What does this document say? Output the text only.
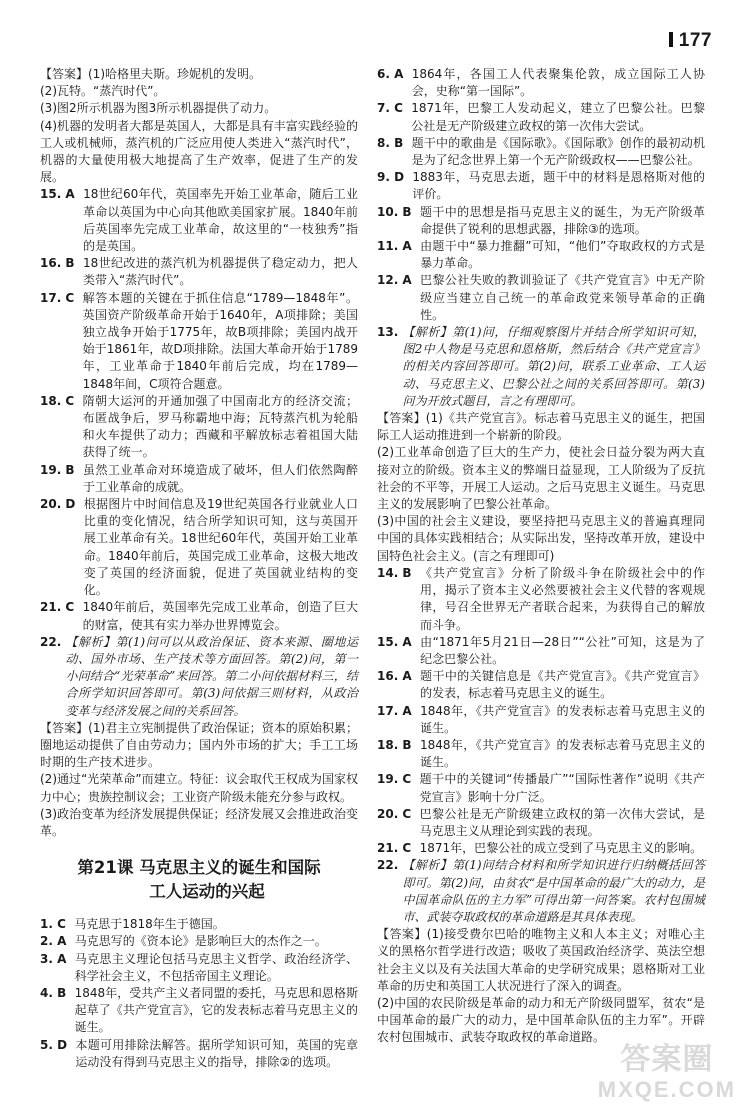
177

【答案】(1)哈格里夫斯。珍妮机的发明。

(2)瓦特。“蒸汽时代”。

(3)图2所示机器为图3所示机器提供了动力。

(4)机器的发明者大都是英国人，大都是具有丰富实践经验的工人或机械师，蒸汽机的广泛应用使人类进入“蒸汽时代”，机器的大量使用极大地提高了生产效率，促进了生产的发展。

15. A 18世纪60年代，英国率先开始工业革命，随后工业革命以英国为中心向其他欧美国家扩展。1840年前后英国率先完成工业革命，故这里的“一枝独秀”指的是英国。
16. B 18世纪改进的蒸汽机为机器提供了稳定动力，把人类带入“蒸汽时代”。
17. C 解答本题的关键在于抓住信息“1789—1848年”。英国资产阶级革命开始于1640年，A项排除；美国独立战争开始于1775年，故B项排除；美国内战开始于1861年，故D项排除。法国大革命开始于1789年，工业革命于1840年前后完成，均在1789—1848年间，C项符合题意。
18. C 隋朝大运河的开通加强了中国南北方的经济交流；布匿战争后，罗马称霸地中海；瓦特蒸汽机为轮船和火车提供了动力；西藏和平解放标志着祖国大陆获得了统一。
19. B 虽然工业革命对环境造成了破坏，但人们依然陶醉于工业革命的成就。
20. D 根据图片中时间信息及19世纪英国各行业就业人口比重的变化情况，结合所学知识可知，这与英国开展工业革命有关。18世纪60年代，英国开始工业革命。1840年前后，英国完成工业革命，这极大地改变了英国的经济面貌，促进了英国就业结构的变化。
21. C 1840年前后，英国率先完成工业革命，创造了巨大的财富，使其有实力举办世界博览会。
22. 【解析】第(1)问可以从政治保证、资本来源、圈地运动、国外市场、生产技术等方面回答。第(2)问，第一小问结合“光荣革命”来回答。第二小问依据材料三，结合所学知识回答即可。第(3)问依据三则材料，从政治变革与经济发展之间的关系回答。

【答案】(1)君主立宪制提供了政治保证；资本的原始积累；圈地运动提供了自由劳动力；国内外市场的扩大；手工工场时期的生产技术进步。

(2)通过“光荣革命”而建立。特征：议会取代王权成为国家权力中心；贵族控制议会；工业资产阶级未能充分参与政权。

(3)政治变革为经济发展提供保证；经济发展又会推进政治变革。

第21课 马克思主义的诞生和国际
工人运动的兴起
1. C 马克思于1818年生于德国。
2. A 马克思写的《资本论》是影响巨大的杰作之一。
3. A 马克思主义理论包括马克思主义哲学、政治经济学、科学社会主义，不包括帝国主义理论。
4. B 1848年，受共产主义者同盟的委托，马克思和恩格斯起草了《共产党宣言》，它的发表标志着马克思主义的诞生。
5. D 本题可用排除法解答。据所学知识可知，英国的宪章运动没有得到马克思主义的指导，排除②的选项。
6. A 1864年，各国工人代表聚集伦敦，成立国际工人协会，史称“第一国际”。
7. C 1871年，巴黎工人发动起义，建立了巴黎公社。巴黎公社是无产阶级建立政权的第一次伟大尝试。
8. B 题干中的歌曲是《国际歌》。《国际歌》创作的最初动机是为了纪念世界上第一个无产阶级政权——巴黎公社。
9. D 1883年，马克思去逝，题干中的材料是恩格斯对他的评价。
10. B 题干中的思想是指马克思主义的诞生，为无产阶级革命提供了锐利的思想武器，排除③的选项。
11. A 由题干中“暴力推翻”可知，“他们”夺取政权的方式是暴力革命。
12. A 巴黎公社失败的教训验证了《共产党宣言》中无产阶级应当建立自己统一的革命政党来领导革命的正确性。
13. 【解析】第(1)问，仔细观察图片并结合所学知识可知，图2中人物是马克思和恩格斯，然后结合《共产党宣言》的相关内容回答即可。第(2)问，联系工业革命、工人运动、马克思主义、巴黎公社之间的关系回答即可。第(3)问为开放式题目，言之有理即可。

【答案】(1)《共产党宣言》。标志着马克思主义的诞生，把国际工人运动推进到一个崭新的阶段。

(2)工业革命创造了巨大的生产力，使社会日益分裂为两大直接对立的阶级。资本主义的弊端日益显现，工人阶级为了反抗社会的不平等，开展工人运动。之后马克思主义诞生。马克思主义的发展影响了巴黎公社革命。

(3)中国的社会主义建设，要坚持把马克思主义的普遍真理同中国的具体实践相结合；从实际出发，坚持改革开放，建设中国特色社会主义。(言之有理即可)

14. B 《共产党宣言》分析了阶级斗争在阶级社会中的作用，揭示了资本主义必然要被社会主义代替的客观规律，号召全世界无产者联合起来，为获得自己的解放而斗争。
15. A 由“1871年5月21日—28日”“公社”可知，这是为了纪念巴黎公社。
16. A 题干中的关键信息是《共产党宣言》。《共产党宣言》的发表，标志着马克思主义的诞生。
17. A 1848年，《共产党宣言》的发表标志着马克思主义的诞生。
18. B 1848年，《共产党宣言》的发表标志着马克思主义的诞生。
19. C 题干中的关键词“传播最广”“国际性著作”说明《共产党宣言》影响十分广泛。
20. C 巴黎公社是无产阶级建立政权的第一次伟大尝试，是马克思主义从理论到实践的表现。
21. C 1871年，巴黎公社的成立受到了马克思主义的影响。
22. 【解析】第(1)问结合材料和所学知识进行归纳概括回答即可。第(2)问，由贫农“是中国革命的最广大的动力，是中国革命队伍的主力军”可得出第一问答案。农村包围城市、武装夺取政权的革命道路是其具体表现。

【答案】(1)接受费尔巴哈的唯物主义和人本主义；对唯心主义的黑格尔哲学进行改造；吸收了英国政治经济学、英法空想社会主义以及有关法国大革命的史学研究成果；恩格斯对工业革命的历史和英国工人状况进行了深入的调查。

(2)中国的农民阶级是革命的动力和无产阶级同盟军，贫农“是中国革命的最广大的动力，是中国革命队伍的主力军”。开辟农村包围城市、武装夺取政权的革命道路。

答案圈
MXQE.COM
